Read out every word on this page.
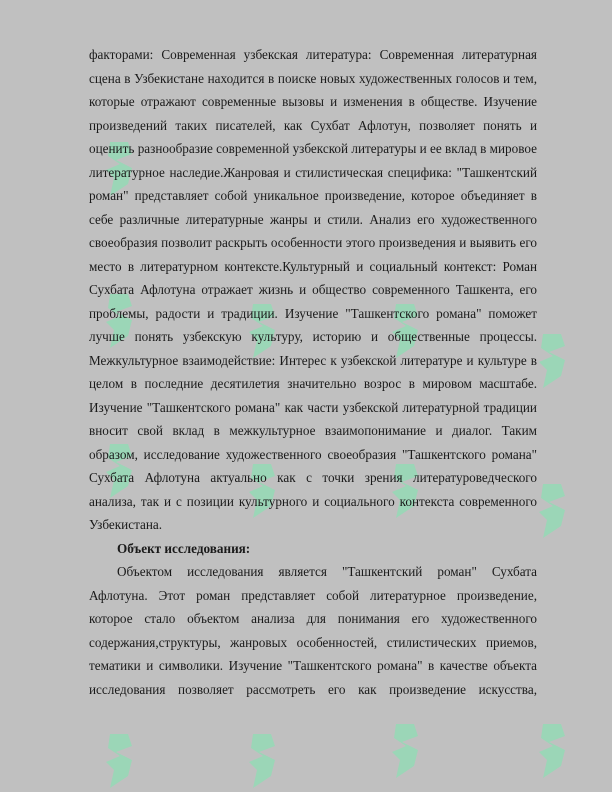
факторами: Современная узбекская литература: Современная литературная
сцена в Узбекистане находится в поиске новых художественных голосов и тем,
которые отражают современные вызовы и изменения в обществе. Изучение
произведений таких писателей, как Сухбат Афлотун, позволяет понять и
оценить разнообразие современной узбекской литературы и ее вклад в мировое
литературное наследие.Жанровая и стилистическая специфика: "Ташкентский
роман" представляет собой уникальное произведение, которое объединяет в
себе различные литературные жанры и стили. Анализ его художественного
своеобразия позволит раскрыть особенности этого произведения и выявить его
место в литературном контексте.Культурный и социальный контекст: Роман
Сухбата Афлотуна отражает жизнь и общество современного Ташкента, его
проблемы, радости и традиции. Изучение "Ташкентского романа" поможет
лучше понять узбекскую культуру, историю и общественные процессы.
Межкультурное взаимодействие: Интерес к узбекской литературе и культуре в
целом в последние десятилетия значительно возрос в мировом масштабе.
Изучение "Ташкентского романа" как части узбекской литературной традиции
вносит свой вклад в межкультурное взаимопонимание и диалог. Таким
образом, исследование художественного своеобразия "Ташкентского романа"
Сухбата Афлотуна актуально как с точки зрения литературоведческого
анализа, так и с позиции культурного и социального контекста современного
Узбекистана.
Объект исследования:
Объектом исследования является "Ташкентский роман" Сухбата
Афлотуна. Этот роман представляет собой литературное произведение,
которое стало объектом анализа для понимания его художественного
содержания,структуры, жанровых особенностей, стилистических приемов,
тематики и символики. Изучение "Ташкентского романа" в качестве объекта
исследования позволяет рассмотреть его как произведение искусства,
